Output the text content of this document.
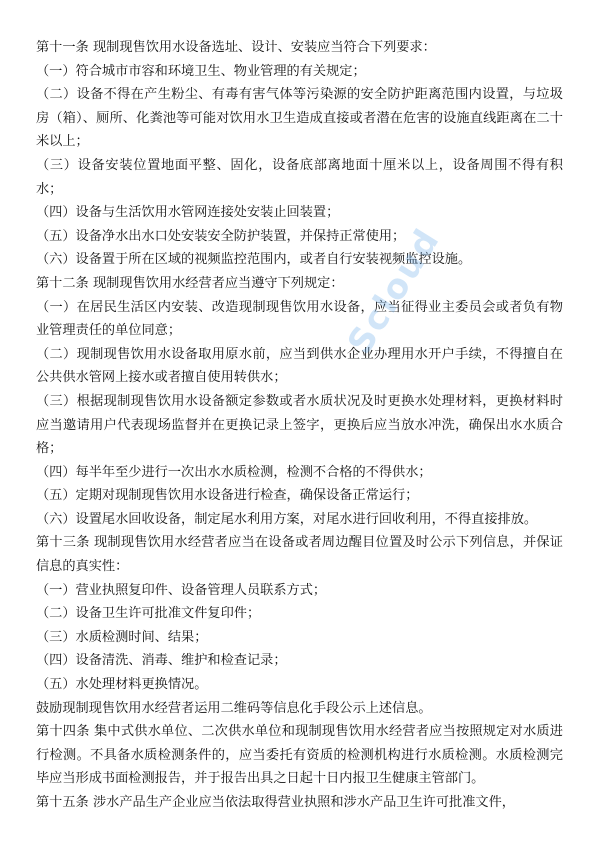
第十一条 现制现售饮用水设备选址、设计、安装应当符合下列要求：

（一）符合城市市容和环境卫生、物业管理的有关规定；

（二）设备不得在产生粉尘、有毒有害气体等污染源的安全防护距离范围内设置，与垃圾房（箱）、厕所、化粪池等可能对饮用水卫生造成直接或者潜在危害的设施直线距离在二十米以上；

（三）设备安装位置地面平整、固化，设备底部离地面十厘米以上，设备周围不得有积水；

（四）设备与生活饮用水管网连接处安装止回装置；

（五）设备净水出水口处安装安全防护装置，并保持正常使用；

（六）设备置于所在区域的视频监控范围内，或者自行安装视频监控设施。

第十二条 现制现售饮用水经营者应当遵守下列规定：

（一）在居民生活区内安装、改造现制现售饮用水设备，应当征得业主委员会或者负有物业管理责任的单位同意；

（二）现制现售饮用水设备取用原水前，应当到供水企业办理用水开户手续，不得擅自在公共供水管网上接水或者擅自使用转供水；

（三）根据现制现售饮用水设备额定参数或者水质状况及时更换水处理材料，更换材料时应当邀请用户代表现场监督并在更换记录上签字，更换后应当放水冲洗，确保出水水质合格；

（四）每半年至少进行一次出水水质检测，检测不合格的不得供水；

（五）定期对现制现售饮用水设备进行检查，确保设备正常运行；

（六）设置尾水回收设备，制定尾水利用方案，对尾水进行回收利用，不得直接排放。

第十三条 现制现售饮用水经营者应当在设备或者周边醒目位置及时公示下列信息，并保证信息的真实性：

（一）营业执照复印件、设备管理人员联系方式；

（二）设备卫生许可批准文件复印件；

（三）水质检测时间、结果；

（四）设备清洗、消毒、维护和检查记录；

（五）水处理材料更换情况。

鼓励现制现售饮用水经营者运用二维码等信息化手段公示上述信息。

第十四条 集中式供水单位、二次供水单位和现制现售饮用水经营者应当按照规定对水质进行检测。不具备水质检测条件的，应当委托有资质的检测机构进行水质检测。水质检测完毕应当形成书面检测报告，并于报告出具之日起十日内报卫生健康主管部门。

第十五条 涉水产品生产企业应当依法取得营业执照和涉水产品卫生许可批准文件，

Scloud
